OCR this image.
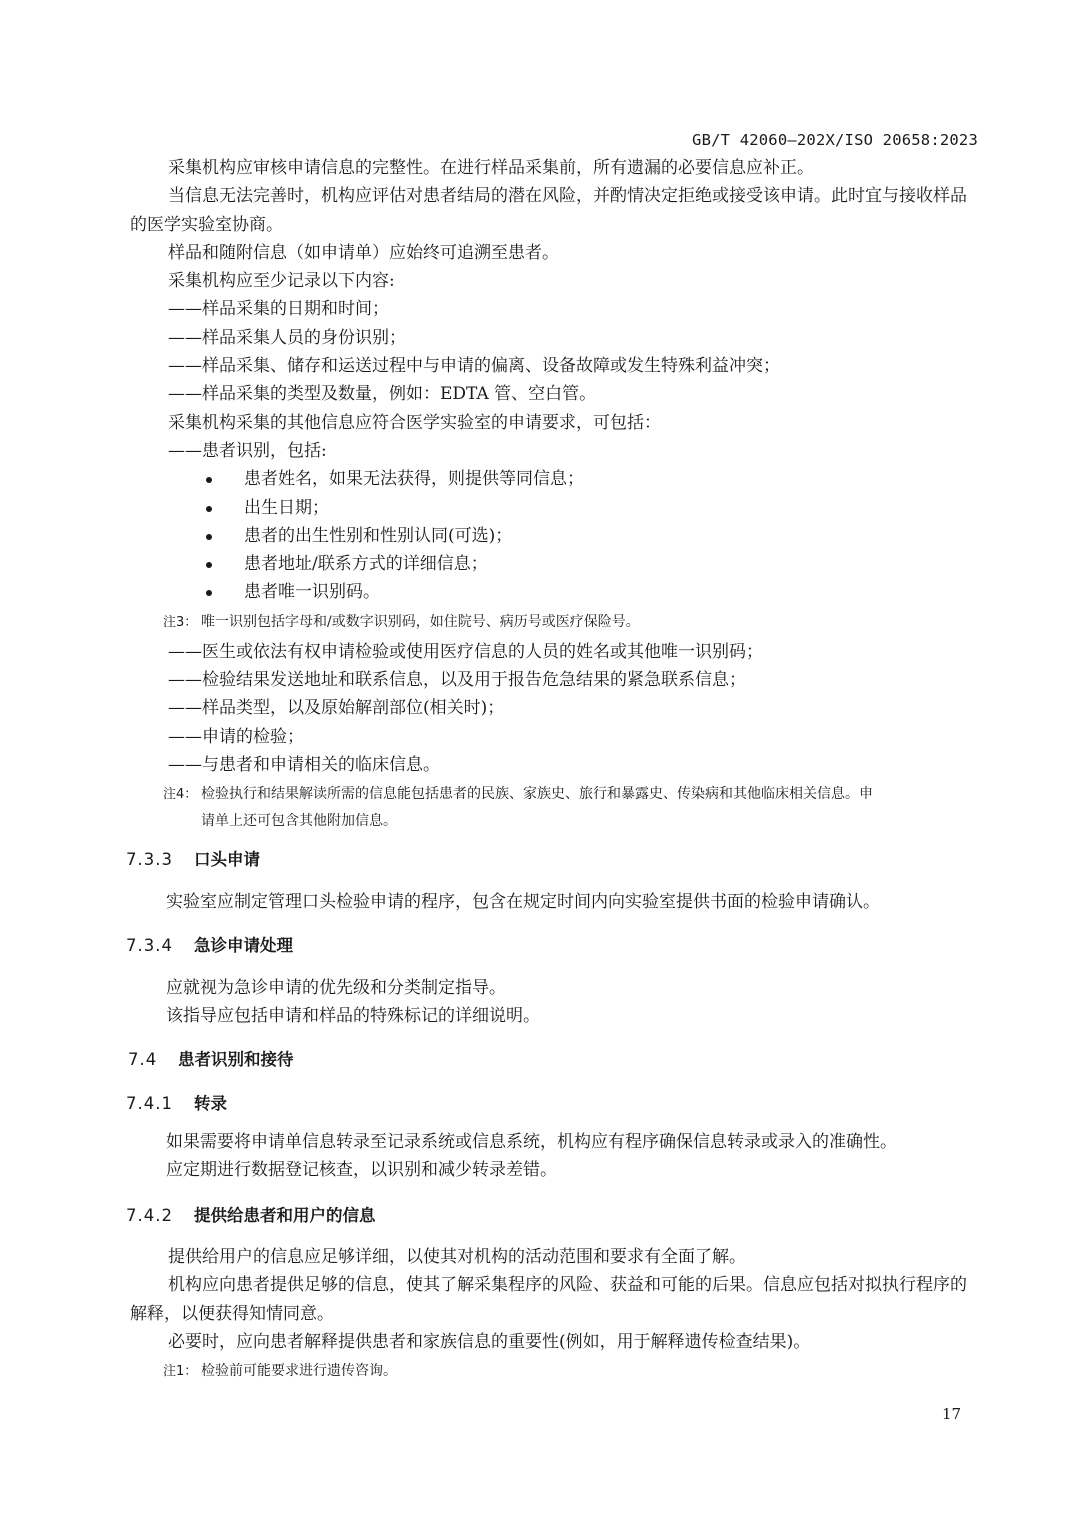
GB/T 42060—202X/ISO 20658:2023

采集机构应审核申请信息的完整性。在进行样品采集前，所有遗漏的必要信息应补正。

当信息无法完善时，机构应评估对患者结局的潜在风险，并酌情决定拒绝或接受该申请。此时宜与接收样品的医学实验室协商。

样品和随附信息（如申请单）应始终可追溯至患者。

采集机构应至少记录以下内容:

——样品采集的日期和时间；

——样品采集人员的身份识别；

——样品采集、储存和运送过程中与申请的偏离、设备故障或发生特殊利益冲突；

——样品采集的类型及数量，例如：EDTA 管、空白管。

采集机构采集的其他信息应符合医学实验室的申请要求，可包括：

——患者识别，包括:

患者姓名，如果无法获得，则提供等同信息；
出生日期；
患者的出生性别和性别认同(可选)；
患者地址/联系方式的详细信息；
患者唯一识别码。
注3： 唯一识别包括字母和/或数字识别码，如住院号、病历号或医疗保险号。

——医生或依法有权申请检验或使用医疗信息的人员的姓名或其他唯一识别码；

——检验结果发送地址和联系信息，以及用于报告危急结果的紧急联系信息；

——样品类型，以及原始解剖部位(相关时)；

——申请的检验；

——与患者和申请相关的临床信息。

注4： 检验执行和结果解读所需的信息能包括患者的民族、家族史、旅行和暴露史、传染病和其他临床相关信息。申
请单上还可包含其他附加信息。
7.3.3 口头申请

实验室应制定管理口头检验申请的程序，包含在规定时间内向实验室提供书面的检验申请确认。

7.3.4 急诊申请处理

应就视为急诊申请的优先级和分类制定指导。

该指导应包括申请和样品的特殊标记的详细说明。

7.4 患者识别和接待
7.4.1 转录

如果需要将申请单信息转录至记录系统或信息系统，机构应有程序确保信息转录或录入的准确性。

应定期进行数据登记核查，以识别和减少转录差错。

7.4.2 提供给患者和用户的信息

提供给用户的信息应足够详细，以使其对机构的活动范围和要求有全面了解。

机构应向患者提供足够的信息，使其了解采集程序的风险、获益和可能的后果。信息应包括对拟执行程序的解释，以便获得知情同意。

必要时，应向患者解释提供患者和家族信息的重要性(例如，用于解释遗传检查结果)。

注1： 检验前可能要求进行遗传咨询。
17
